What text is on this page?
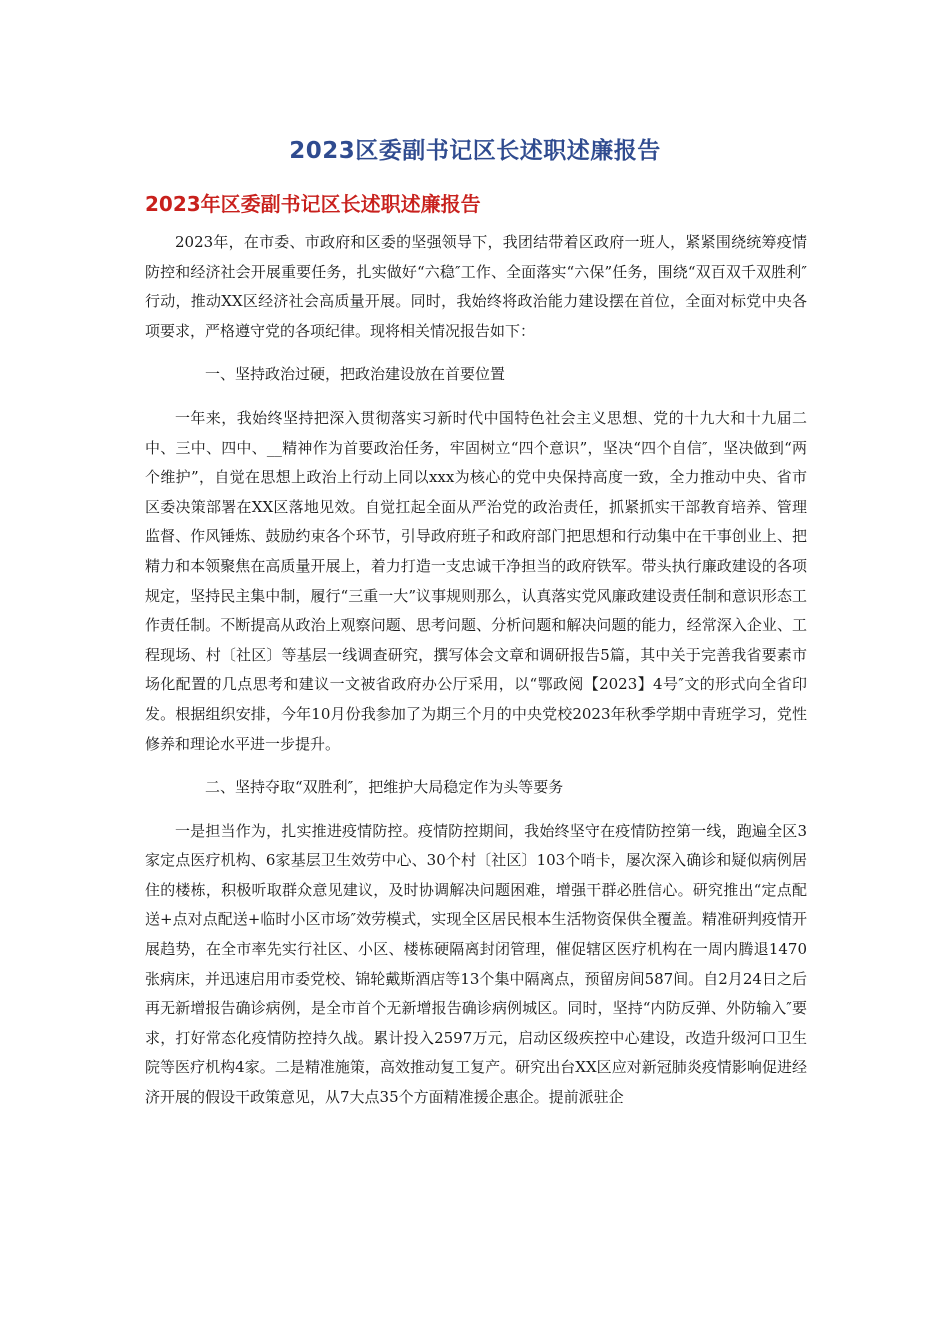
2023区委副书记区长述职述廉报告
2023年区委副书记区长述职述廉报告

2023年，在市委、市政府和区委的坚强领导下，我团结带着区政府一班人，紧紧围绕统筹疫情防控和经济社会开展重要任务，扎实做好“六稳″工作、全面落实“六保”任务，围绕“双百双千双胜利″行动，推动XX区经济社会高质量开展。同时，我始终将政治能力建设摆在首位，全面对标党中央各项要求，严格遵守党的各项纪律。现将相关情况报告如下：

一、坚持政治过硬，把政治建设放在首要位置

一年来，我始终坚持把深入贯彻落实习新时代中国特色社会主义思想、党的十九大和十九届二中、三中、四中、__精神作为首要政治任务，牢固树立“四个意识”，坚决“四个自信″，坚决做到“两个维护”，自觉在思想上政治上行动上同以xxx为核心的党中央保持高度一致，全力推动中央、省市区委决策部署在XX区落地见效。自觉扛起全面从严治党的政治责任，抓紧抓实干部教育培养、管理监督、作风锤炼、鼓励约束各个环节，引导政府班子和政府部门把思想和行动集中在干事创业上、把精力和本领聚焦在高质量开展上，着力打造一支忠诚干净担当的政府铁军。带头执行廉政建设的各项规定，坚持民主集中制，履行“三重一大”议事规则那么，认真落实党风廉政建设责任制和意识形态工作责任制。不断提高从政治上观察问题、思考问题、分析问题和解决问题的能力，经常深入企业、工程现场、村〔社区〕等基层一线调查研究，撰写体会文章和调研报告5篇，其中关于完善我省要素市场化配置的几点思考和建议一文被省政府办公厅采用，以“鄂政阅【2023】4号″文的形式向全省印发。根据组织安排，今年10月份我参加了为期三个月的中央党校2023年秋季学期中青班学习，党性修养和理论水平进一步提升。

二、坚持夺取“双胜利″，把维护大局稳定作为头等要务

一是担当作为，扎实推进疫情防控。疫情防控期间，我始终坚守在疫情防控第一线，跑遍全区3家定点医疗机构、6家基层卫生效劳中心、30个村〔社区〕103个哨卡，屡次深入确诊和疑似病例居住的楼栋，积极听取群众意见建议，及时协调解决问题困难，增强干群必胜信心。研究推出“定点配送+点对点配送+临时小区市场″效劳模式，实现全区居民根本生活物资保供全覆盖。精准研判疫情开展趋势，在全市率先实行社区、小区、楼栋硬隔离封闭管理，催促辖区医疗机构在一周内腾退1470张病床，并迅速启用市委党校、锦轮戴斯酒店等13个集中隔离点，预留房间587间。自2月24日之后再无新增报告确诊病例，是全市首个无新增报告确诊病例城区。同时，坚持“内防反弹、外防输入″要求，打好常态化疫情防控持久战。累计投入2597万元，启动区级疾控中心建设，改造升级河口卫生院等医疗机构4家。二是精准施策，高效推动复工复产。研究出台XX区应对新冠肺炎疫情影响促进经济开展的假设干政策意见，从7大点35个方面精准援企惠企。提前派驻企
